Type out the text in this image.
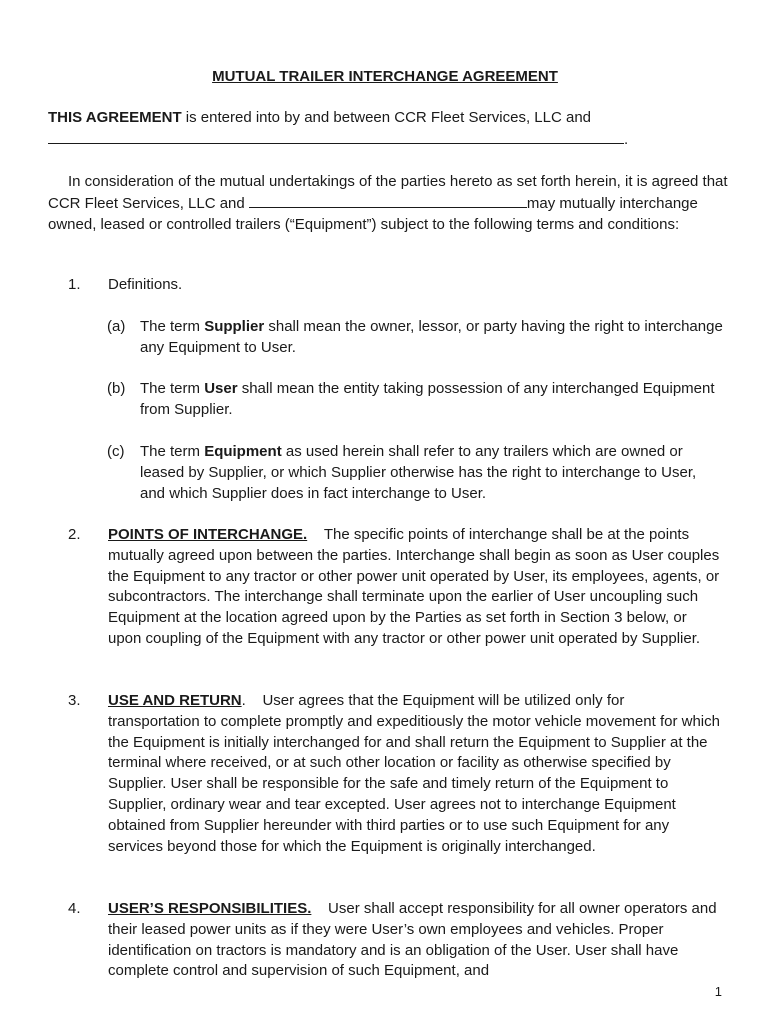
MUTUAL TRAILER INTERCHANGE AGREEMENT
THIS AGREEMENT is entered into by and between CCR Fleet Services, LLC and
.
In consideration of the mutual undertakings of the parties hereto as set forth herein, it is agreed that CCR Fleet Services, LLC and	may mutually interchange owned, leased or controlled trailers (“Equipment”) subject to the following terms and conditions:
1. Definitions.
(a) The term Supplier shall mean the owner, lessor, or party having the right to interchange any Equipment to User.
(b) The term User shall mean the entity taking possession of any interchanged Equipment from Supplier.
(c) The term Equipment as used herein shall refer to any trailers which are owned or leased by Supplier, or which Supplier otherwise has the right to interchange to User, and which Supplier does in fact interchange to User.
2. POINTS OF INTERCHANGE. The specific points of interchange shall be at the points mutually agreed upon between the parties. Interchange shall begin as soon as User couples the Equipment to any tractor or other power unit operated by User, its employees, agents, or subcontractors. The interchange shall terminate upon the earlier of User uncoupling such Equipment at the location agreed upon by the Parties as set forth in Section 3 below, or upon coupling of the Equipment with any tractor or other power unit operated by Supplier.
3. USE AND RETURN.    User agrees that the Equipment will be utilized only for transportation to complete promptly and expeditiously the motor vehicle movement for which the Equipment is initially interchanged for and shall return the Equipment to Supplier at the terminal where received, or at such other location or facility as otherwise specified by Supplier. User shall be responsible for the safe and timely return of the Equipment to Supplier, ordinary wear and tear excepted. User agrees not to interchange Equipment obtained from Supplier hereunder with third parties or to use such Equipment for any services beyond those for which the Equipment is originally interchanged.
4. USER’S RESPONSIBILITIES. User shall accept responsibility for all owner operators and their leased power units as if they were User’s own employees and vehicles. Proper identification on tractors is mandatory and is an obligation of the User. User shall have complete control and supervision of such Equipment, and
1
